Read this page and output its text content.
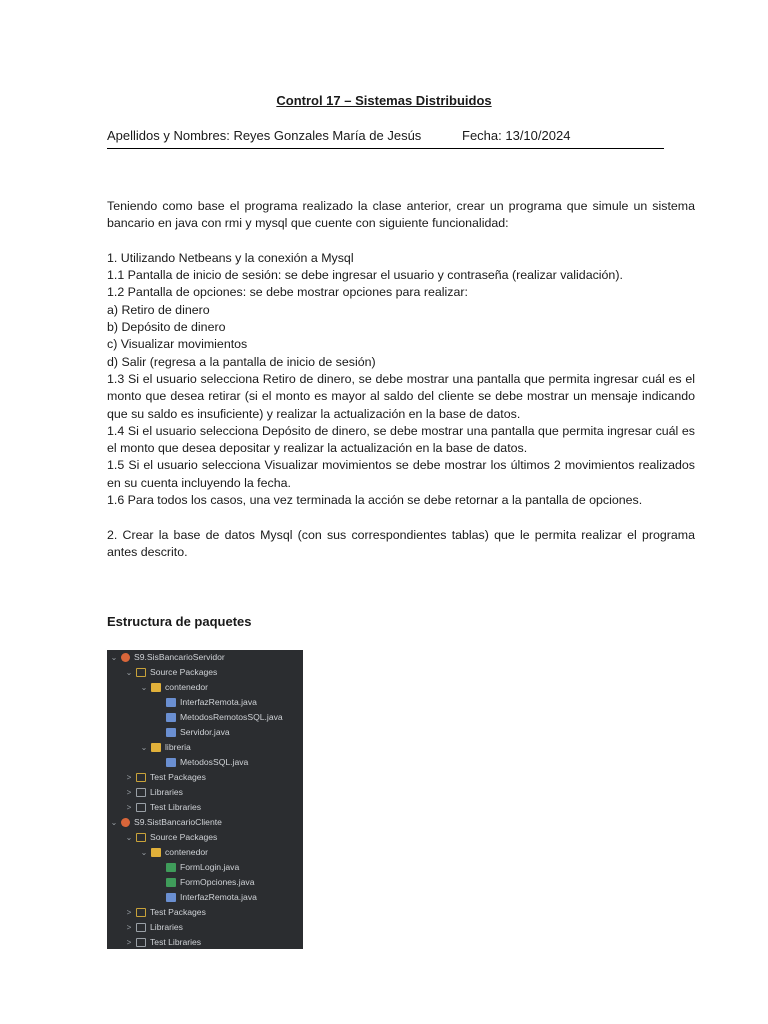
Control 17 – Sistemas Distribuidos
Apellidos y Nombres: Reyes Gonzales María de Jesús	Fecha: 13/10/2024

Teniendo como base el programa realizado la clase anterior, crear un programa que simule un sistema bancario en java con rmi y mysql que cuente con siguiente funcionalidad:

1. Utilizando Netbeans y la conexión a Mysql

1.1 Pantalla de inicio de sesión: se debe ingresar el usuario y contraseña (realizar validación).

1.2 Pantalla de opciones: se debe mostrar opciones para realizar:

a) Retiro de dinero

b) Depósito de dinero

c) Visualizar movimientos

d) Salir (regresa a la pantalla de inicio de sesión)

1.3 Si el usuario selecciona Retiro de dinero, se debe mostrar una pantalla que permita ingresar cuál es el monto que desea retirar (si el monto es mayor al saldo del cliente se debe mostrar un mensaje indicando que su saldo es insuficiente) y realizar la actualización en la base de datos.

1.4 Si el usuario selecciona Depósito de dinero, se debe mostrar una pantalla que permita ingresar cuál es el monto que desea depositar y realizar la actualización en la base de datos.

1.5 Si el usuario selecciona Visualizar movimientos se debe mostrar los últimos 2 movimientos realizados en su cuenta incluyendo la fecha.

1.6 Para todos los casos, una vez terminada la acción se debe retornar a la pantalla de opciones.

2. Crear la base de datos Mysql (con sus correspondientes tablas) que le permita realizar el programa antes descrito.

Estructura de paquetes
⌄ S9.SisBancarioServidor
⌄ Source Packages
⌄ contenedor
InterfazRemota.java
MetodosRemotosSQL.java
Servidor.java
⌄ libreria
MetodosSQL.java
>	Test Packages
>	Libraries
>	Test Libraries
⌄ S9.SistBancarioCliente
⌄ Source Packages
⌄ contenedor
FormLogin.java
FormOpciones.java
InterfazRemota.java
>	Test Packages
>	Libraries
>	Test Libraries
